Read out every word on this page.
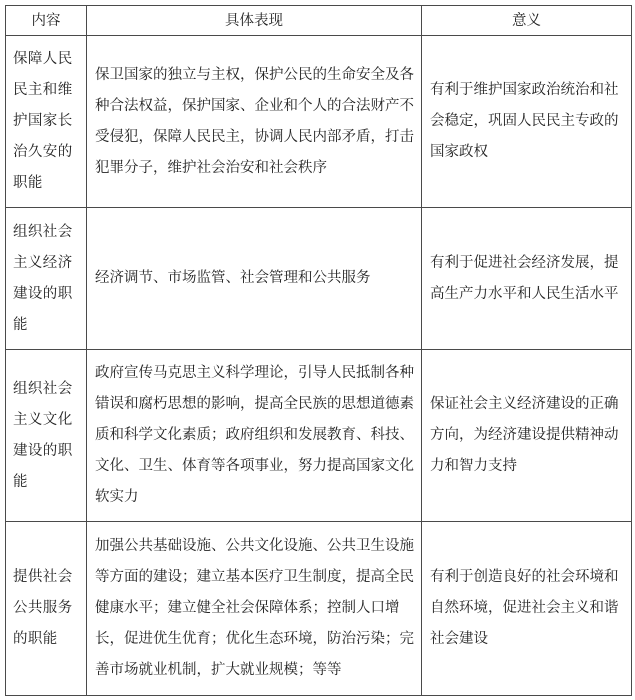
内容	具体表现	意义
保障人民民主和维护国家长治久安的职能	保卫国家的独立与主权，保护公民的生命安全及各种合法权益，保护国家、企业和个人的合法财产不受侵犯，保障人民民主，协调人民内部矛盾，打击犯罪分子，维护社会治安和社会秩序	有利于维护国家政治统治和社会稳定，巩固人民民主专政的国家政权
组织社会主义经济建设的职能	经济调节、市场监管、社会管理和公共服务	有利于促进社会经济发展，提高生产力水平和人民生活水平
组织社会主义文化建设的职能	政府宣传马克思主义科学理论，引导人民抵制各种错误和腐朽思想的影响，提高全民族的思想道德素质和科学文化素质；政府组织和发展教育、科技、文化、卫生、体育等各项事业，努力提高国家文化软实力	保证社会主义经济建设的正确方向，为经济建设提供精神动力和智力支持
提供社会公共服务的职能	加强公共基础设施、公共文化设施、公共卫生设施等方面的建设；建立基本医疗卫生制度，提高全民健康水平；建立健全社会保障体系；控制人口增长，促进优生优育；优化生态环境，防治污染；完善市场就业机制，扩大就业规模；等等	有利于创造良好的社会环境和自然环境，促进社会主义和谐社会建设
